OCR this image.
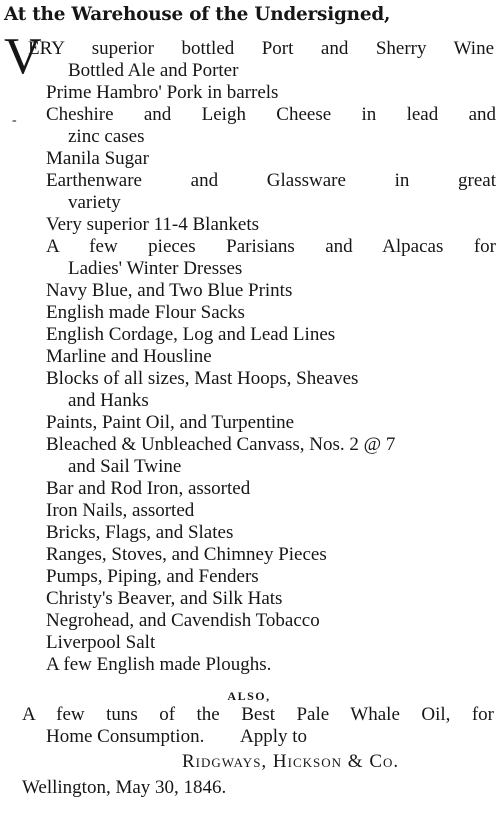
At the Warehouse of the Undersigned,
V
-
ERY superior bottled Port and Sherry Wine
Bottled Ale and Porter
Prime Hambro' Pork in barrels
Cheshire and Leigh Cheese in lead and
zinc cases
Manila Sugar
Earthenware and Glassware in great
variety
Very superior 11-4 Blankets
A few pieces Parisians and Alpacas for
Ladies' Winter Dresses
Navy Blue, and Two Blue Prints
English made Flour Sacks
English Cordage, Log and Lead Lines
Marline and Housline
Blocks of all sizes, Mast Hoops, Sheaves
and Hanks
Paints, Paint Oil, and Turpentine
Bleached & Unbleached Canvass, Nos. 2 @ 7
and Sail Twine
Bar and Rod Iron, assorted
Iron Nails, assorted
Bricks, Flags, and Slates
Ranges, Stoves, and Chimney Pieces
Pumps, Piping, and Fenders
Christy's Beaver, and Silk Hats
Negrohead, and Cavendish Tobacco
Liverpool Salt
A few English made Ploughs.
ALSO,
A few tuns of the Best Pale Whale Oil, for
Home Consumption. Apply to
Ridgways, Hickson & Co.
Wellington, May 30, 1846.
